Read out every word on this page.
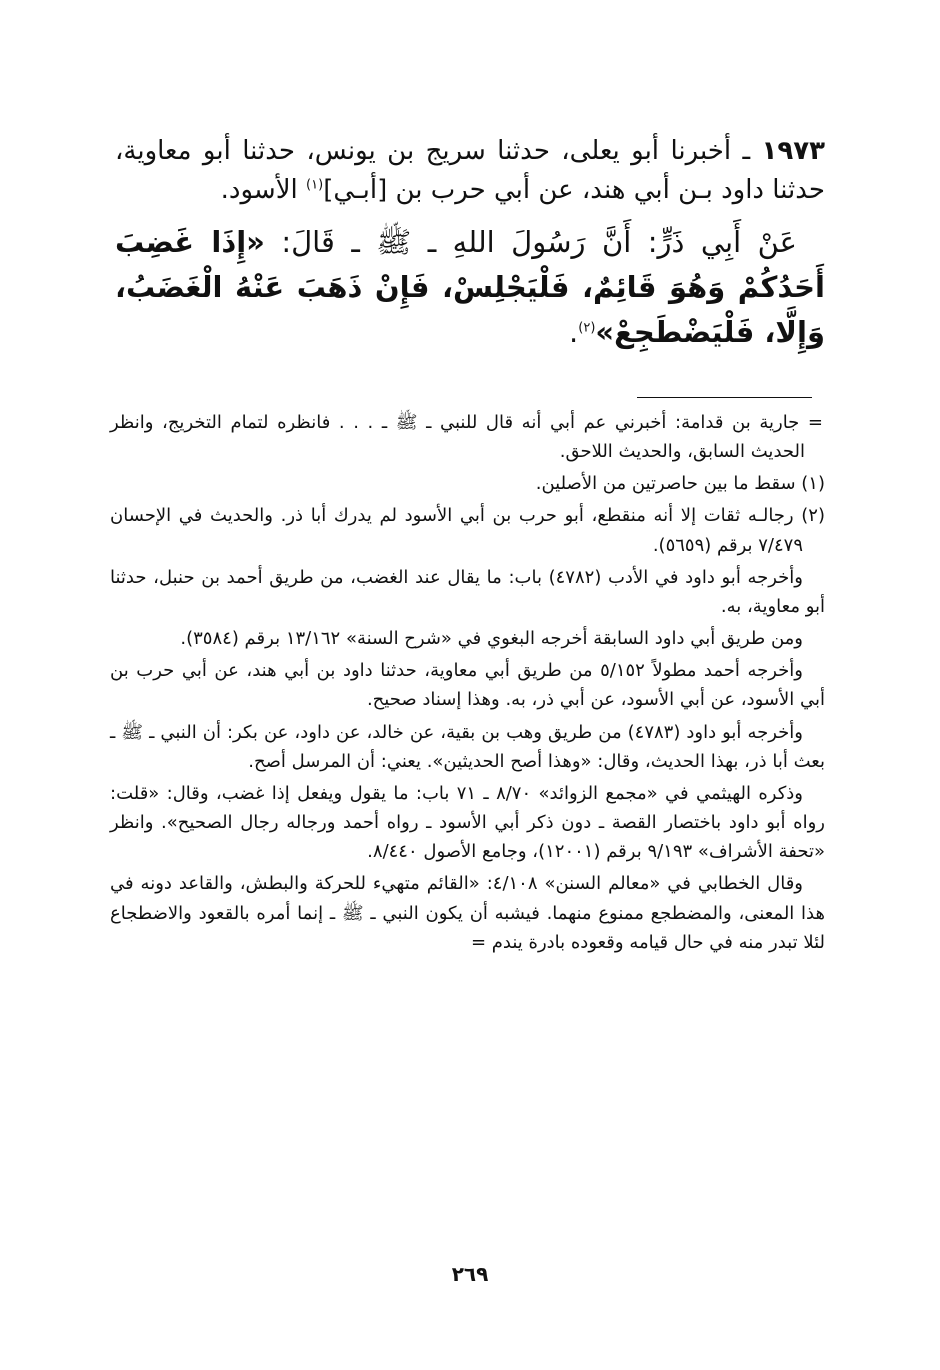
١٩٧٣ ـ أخبرنا أبو يعلى، حدثنا سريج بن يونس، حدثنا أبو معاوية، حدثنا داود بـن أبي هند، عن أبي حرب بن [أبـي]$^{(١)}$ الأسود.

عَنْ أَبِي ذَرٍّ: أَنَّ رَسُولَ اللهِ ـ ﷺ ـ قَالَ: «إِذَا غَضِبَ أَحَدُكُمْ وَهُوَ قَائِمٌ، فَلْيَجْلِسْ، فَإِنْ ذَهَبَ عَنْهُ الْغَضَبُ، وَإِلَّا، فَلْيَضْطَجِعْ»$^{(٢)}$.

= جارية بن قدامة: أخبرني عم أبي أنه قال للنبي ـ ﷺ ـ . . . فانظره لتمام التخريج، وانظر الحديث السابق، والحديث اللاحق.

(١) سقط ما بين حاصرتين من الأصلين.

(٢) رجالـه ثقات إلا أنه منقطع، أبو حرب بن أبي الأسود لم يدرك أبا ذر. والحديث في الإحسان ٧/٤٧٩ برقم (٥٦٥٩).

وأخرجه أبو داود في الأدب (٤٧٨٢) باب: ما يقال عند الغضب، من طريق أحمد بن حنبل، حدثنا أبو معاوية، به.

ومن طريق أبي داود السابقة أخرجه البغوي في «شرح السنة» ١٣/١٦٢ برقم (٣٥٨٤).

وأخرجه أحمد مطولاً ٥/١٥٢ من طريق أبي معاوية، حدثنا داود بن أبي هند، عن أبي حرب بن أبي الأسود، عن أبي الأسود، عن أبي ذر، به. وهذا إسناد صحيح.

وأخرجه أبو داود (٤٧٨٣) من طريق وهب بن بقية، عن خالد، عن داود، عن بكر: أن النبي ـ ﷺ ـ بعث أبا ذر، بهذا الحديث، وقال: «وهذا أصح الحديثين». يعني: أن المرسل أصح.

وذكره الهيثمي في «مجمع الزوائد» ٨/٧٠ ـ ٧١ باب: ما يقول ويفعل إذا غضب، وقال: «قلت: رواه أبو داود باختصار القصة ـ دون ذكر أبي الأسود ـ رواه أحمد ورجاله رجال الصحيح». وانظر «تحفة الأشراف» ٩/١٩٣ برقم (١٢٠٠١)، وجامع الأصول ٨/٤٤٠.

وقال الخطابي في «معالم السنن» ٤/١٠٨: «القائم متهيء للحركة والبطش، والقاعد دونه في هذا المعنى، والمضطجع ممنوع منهما. فيشبه أن يكون النبي ـ ﷺ ـ إنما أمره بالقعود والاضطجاع لئلا تبدر منه في حال قيامه وقعوده بادرة يندم =

٢٦٩
